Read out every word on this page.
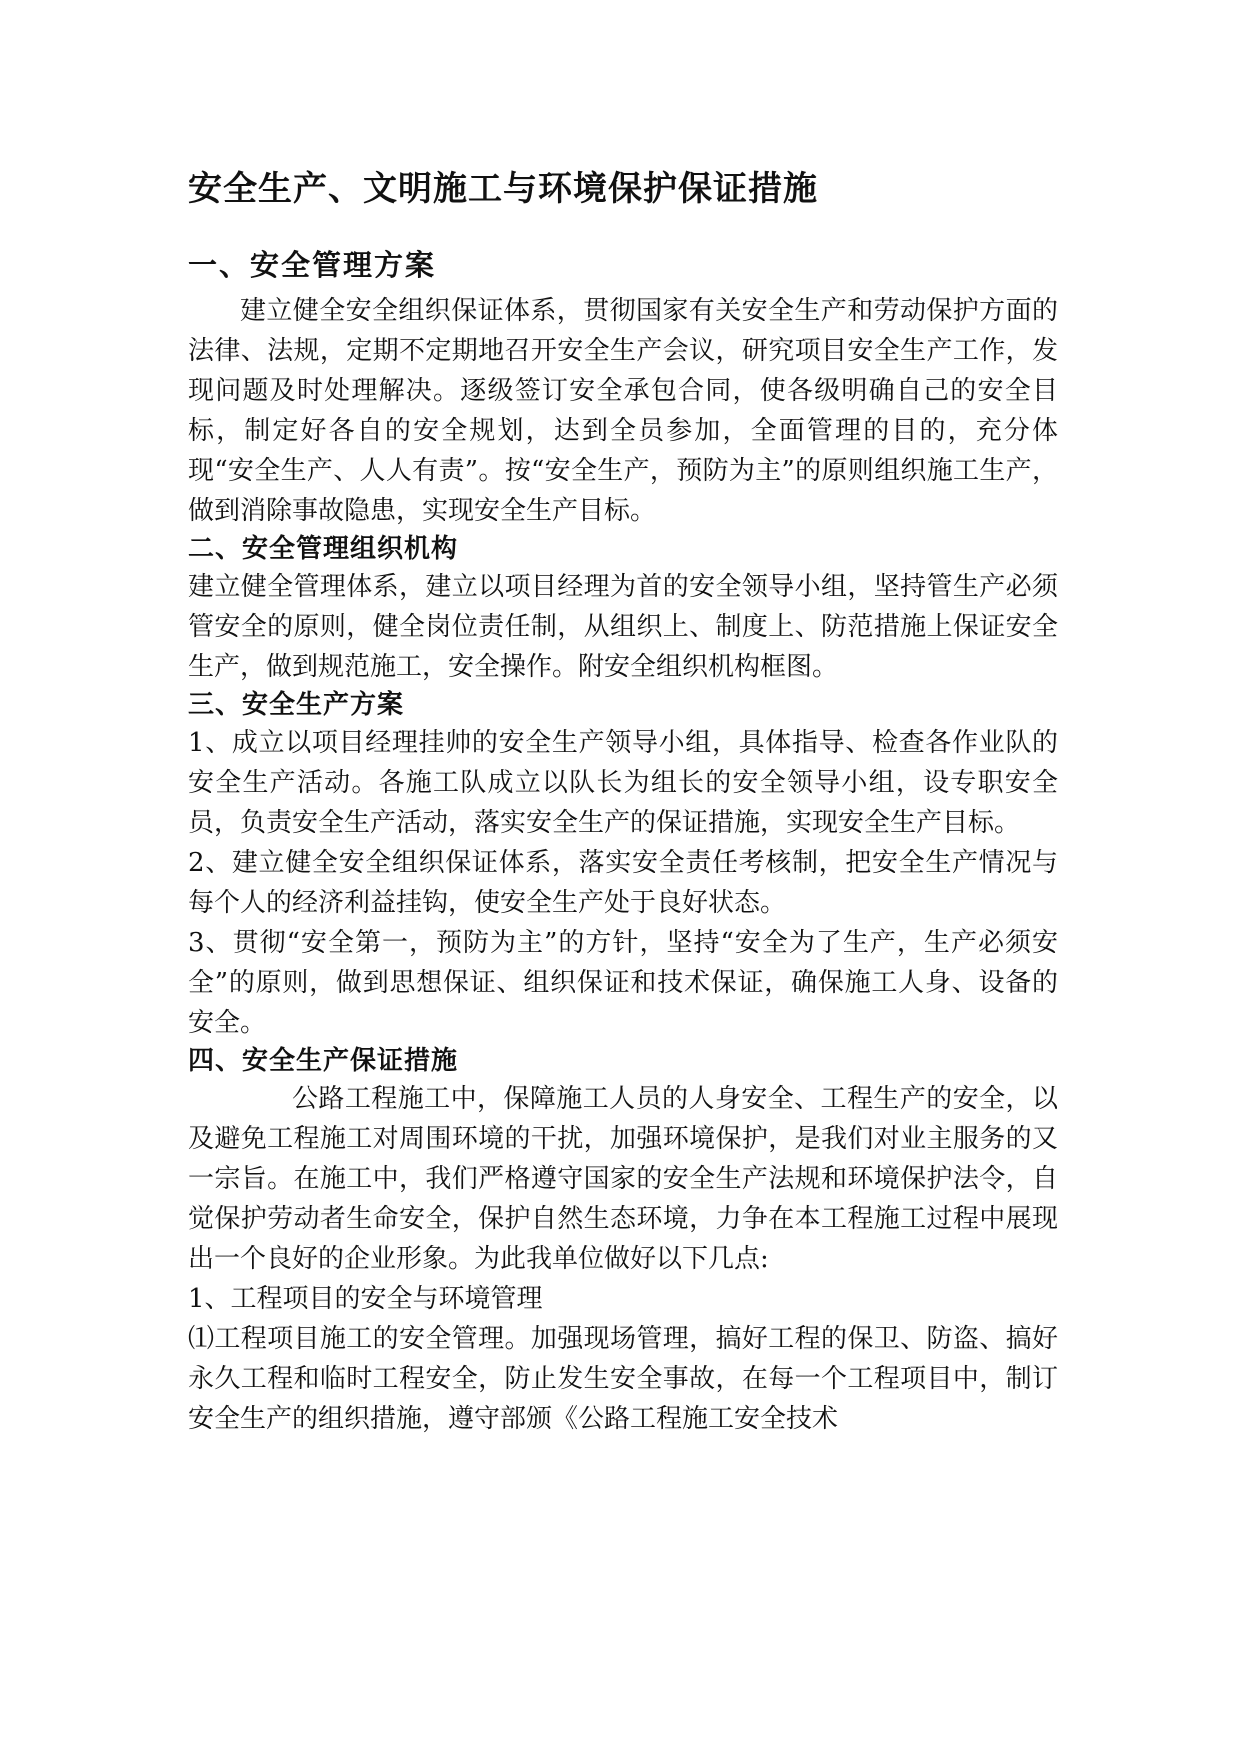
安全生产、文明施工与环境保护保证措施
一、安全管理方案

建立健全安全组织保证体系，贯彻国家有关安全生产和劳动保护方面的法律、法规，定期不定期地召开安全生产会议，研究项目安全生产工作，发现问题及时处理解决。逐级签订安全承包合同，使各级明确自己的安全目标，制定好各自的安全规划，达到全员参加，全面管理的目的，充分体现“安全生产、人人有责”。按“安全生产，预防为主”的原则组织施工生产，做到消除事故隐患，实现安全生产目标。

二、安全管理组织机构

建立健全管理体系，建立以项目经理为首的安全领导小组，坚持管生产必须管安全的原则，健全岗位责任制，从组织上、制度上、防范措施上保证安全生产，做到规范施工，安全操作。附安全组织机构框图。

三、安全生产方案

1、成立以项目经理挂帅的安全生产领导小组，具体指导、检查各作业队的安全生产活动。各施工队成立以队长为组长的安全领导小组，设专职安全员，负责安全生产活动，落实安全生产的保证措施，实现安全生产目标。

2、建立健全安全组织保证体系，落实安全责任考核制，把安全生产情况与每个人的经济利益挂钩，使安全生产处于良好状态。

3、贯彻“安全第一，预防为主”的方针，坚持“安全为了生产，生产必须安全”的原则，做到思想保证、组织保证和技术保证，确保施工人身、设备的安全。

四、安全生产保证措施

公路工程施工中，保障施工人员的人身安全、工程生产的安全，以及避免工程施工对周围环境的干扰，加强环境保护，是我们对业主服务的又一宗旨。在施工中，我们严格遵守国家的安全生产法规和环境保护法令，自觉保护劳动者生命安全，保护自然生态环境，力争在本工程施工过程中展现出一个良好的企业形象。为此我单位做好以下几点:

1、工程项目的安全与环境管理

⑴工程项目施工的安全管理。加强现场管理，搞好工程的保卫、防盗、搞好永久工程和临时工程安全，防止发生安全事故，在每一个工程项目中，制订安全生产的组织措施，遵守部颁《公路工程施工安全技术
